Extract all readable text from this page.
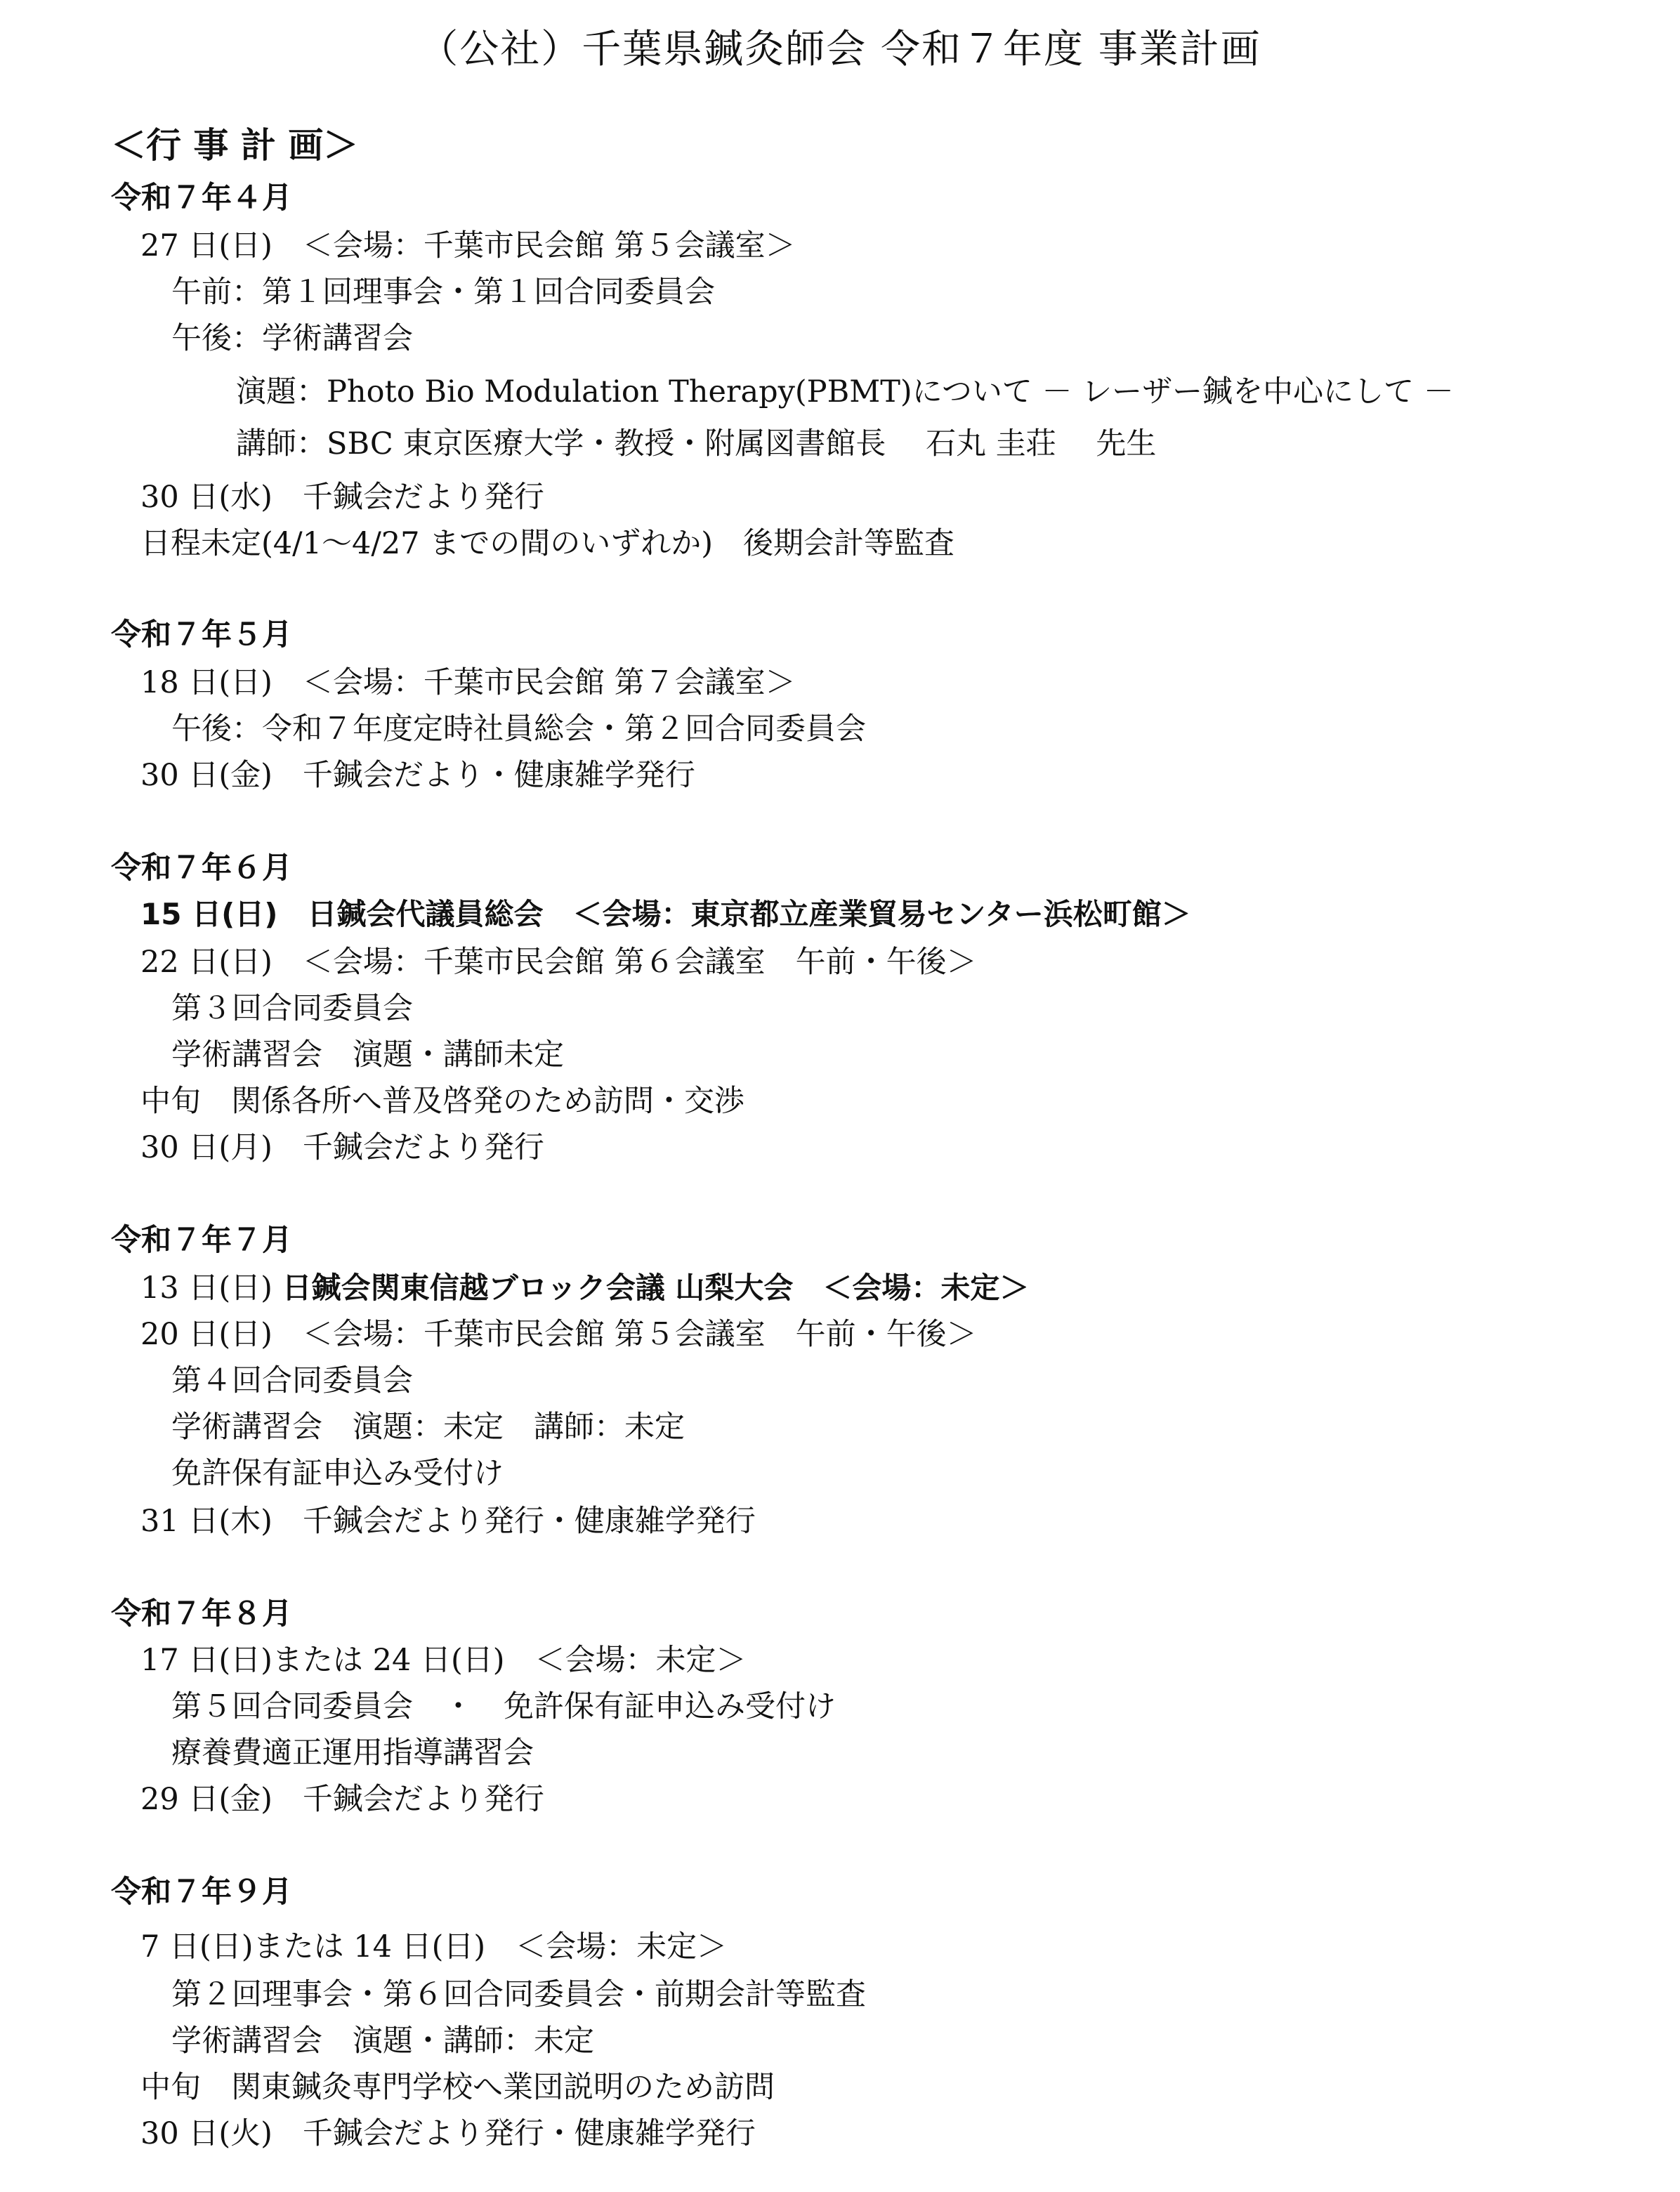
（公社）千葉県鍼灸師会 令和７年度 事業計画
＜行 事 計 画＞
令和７年４月
27 日(日)　＜会場：千葉市民会館 第５会議室＞
午前：第１回理事会・第１回合同委員会
午後：学術講習会
演題：Photo Bio Modulation Therapy(PBMT)について － レーザー鍼を中心にして －
講師：SBC 東京医療大学・教授・附属図書館長　 石丸 圭荘　 先生
30 日(水)　千鍼会だより発行
日程未定(4/1～4/27 までの間のいずれか)　後期会計等監査
令和７年５月
18 日(日)　＜会場：千葉市民会館 第７会議室＞
午後：令和７年度定時社員総会・第２回合同委員会
30 日(金)　千鍼会だより・健康雑学発行
令和７年６月
15 日(日)　日鍼会代議員総会　＜会場：東京都立産業貿易センター浜松町館＞
22 日(日)　＜会場：千葉市民会館 第６会議室　午前・午後＞
第３回合同委員会
学術講習会　演題・講師未定
中旬　関係各所へ普及啓発のため訪問・交渉
30 日(月)　千鍼会だより発行
令和７年７月
13 日(日) 日鍼会関東信越ブロック会議 山梨大会　＜会場：未定＞
20 日(日)　＜会場：千葉市民会館 第５会議室　午前・午後＞
第４回合同委員会
学術講習会　演題：未定　講師：未定
免許保有証申込み受付け
31 日(木)　千鍼会だより発行・健康雑学発行
令和７年８月
17 日(日)または 24 日(日)　＜会場：未定＞
第５回合同委員会　・　免許保有証申込み受付け
療養費適正運用指導講習会
29 日(金)　千鍼会だより発行
令和７年９月
7 日(日)または 14 日(日)　＜会場：未定＞
第２回理事会・第６回合同委員会・前期会計等監査
学術講習会　演題・講師：未定
中旬　関東鍼灸専門学校へ業団説明のため訪問
30 日(火)　千鍼会だより発行・健康雑学発行
